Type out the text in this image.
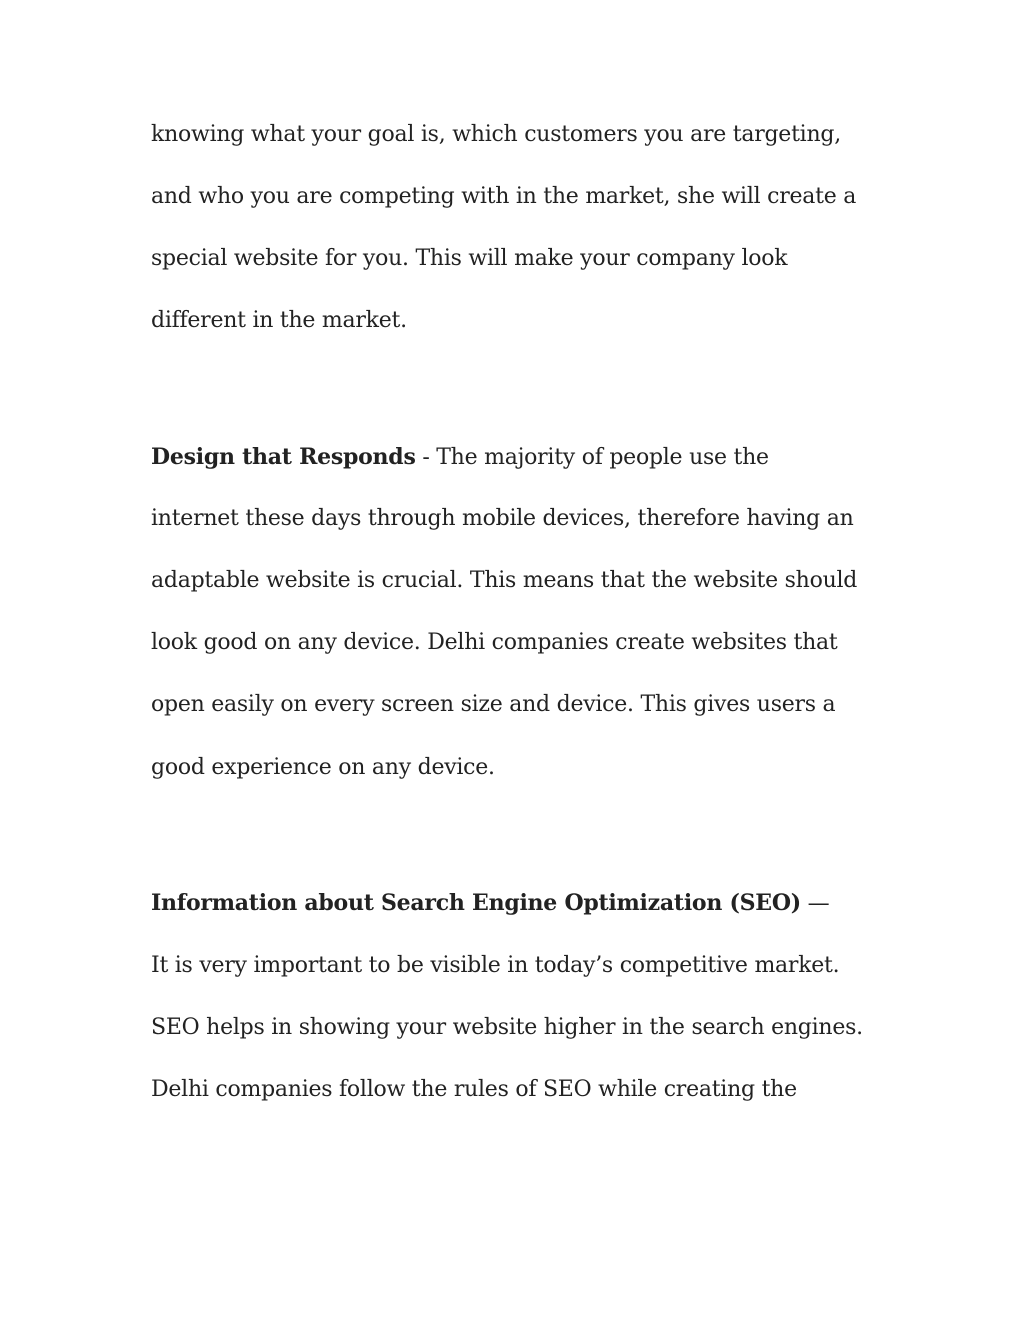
knowing what your goal is, which customers you are targeting,

and who you are competing with in the market, she will create a

special website for you. This will make your company look

different in the market.

Design that Responds - The majority of people use the

internet these days through mobile devices, therefore having an

adaptable website is crucial. This means that the website should

look good on any device. Delhi companies create websites that

open easily on every screen size and device. This gives users a

good experience on any device.

Information about Search Engine Optimization (SEO) —

It is very important to be visible in today’s competitive market.

SEO helps in showing your website higher in the search engines.

Delhi companies follow the rules of SEO while creating the
